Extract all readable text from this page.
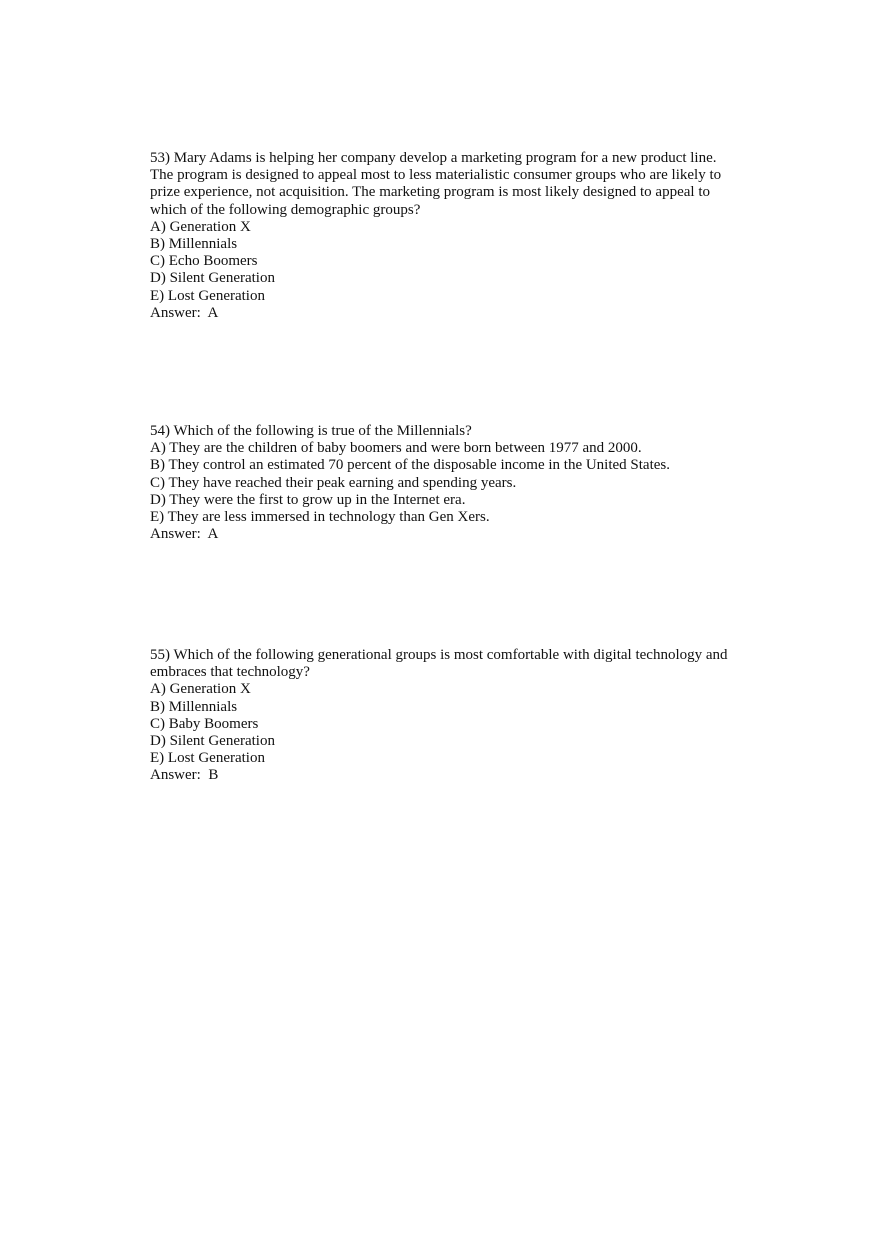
53) Mary Adams is helping her company develop a marketing program for a new product line. The program is designed to appeal most to less materialistic consumer groups who are likely to prize experience, not acquisition. The marketing program is most likely designed to appeal to which of the following demographic groups?

A) Generation X
B) Millennials
C) Echo Boomers
D) Silent Generation
E) Lost Generation

Answer:  A

54) Which of the following is true of the Millennials?

A) They are the children of baby boomers and were born between 1977 and 2000.
B) They control an estimated 70 percent of the disposable income in the United States.
C) They have reached their peak earning and spending years.
D) They were the first to grow up in the Internet era.
E) They are less immersed in technology than Gen Xers.

Answer:  A

55) Which of the following generational groups is most comfortable with digital technology and embraces that technology?

A) Generation X
B) Millennials
C) Baby Boomers
D) Silent Generation
E) Lost Generation

Answer:  B
